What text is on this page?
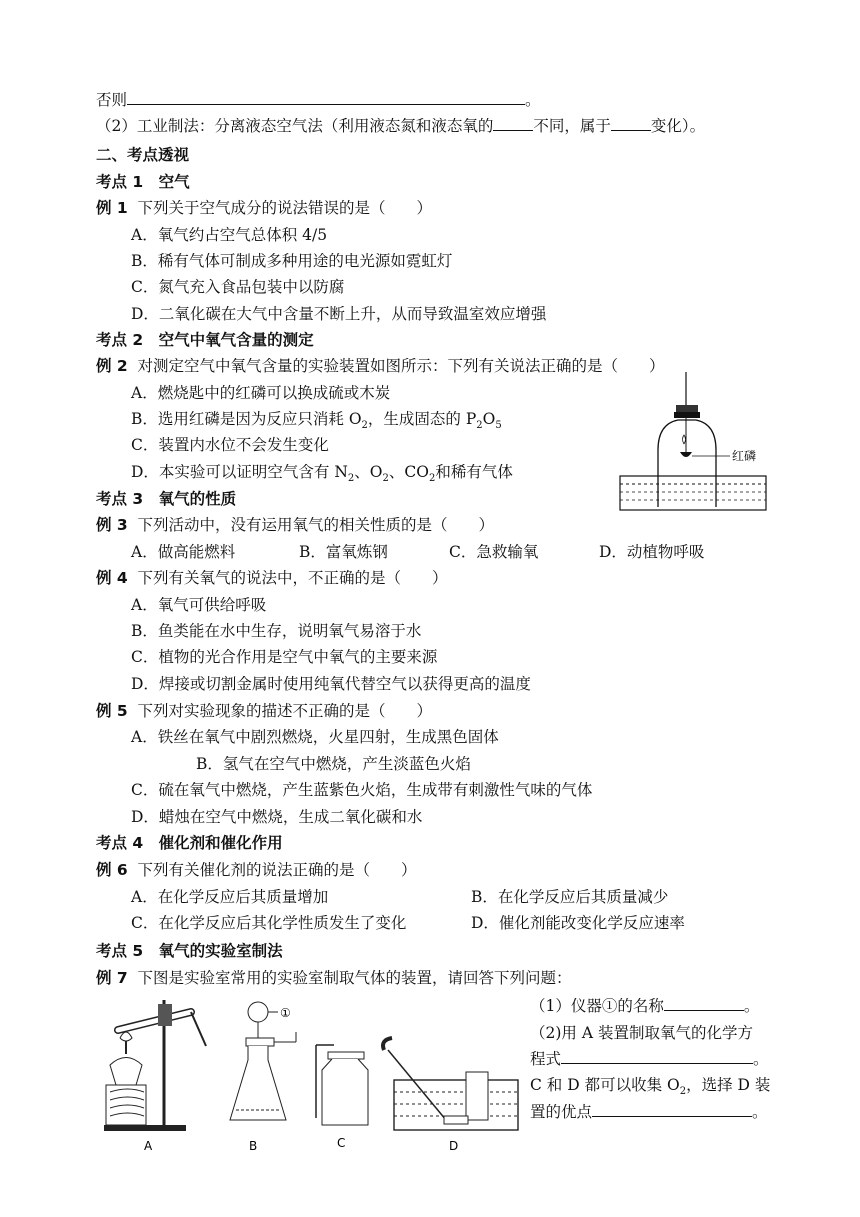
否则	。
（2）工业制法：分离液态空气法（利用液态氮和液态氧的	不同，属于	变化）。
二、考点透视
考点 1　空气
例 1 下列关于空气成分的说法错误的是（　　）
A．氧气约占空气总体积 4/5
B．稀有气体可制成多种用途的电光源如霓虹灯
C．氮气充入食品包装中以防腐
D．二氧化碳在大气中含量不断上升，从而导致温室效应增强
考点 2　空气中氧气含量的测定
例 2 对测定空气中氧气含量的实验装置如图所示：下列有关说法正确的是（　　）
A．燃烧匙中的红磷可以换成硫或木炭
B．选用红磷是因为反应只消耗 $O_2$，生成固态的 $P_2O_5$
C．装置内水位不会发生变化
D．本实验可以证明空气含有 $N_2$、$O_2$、$CO_2$和稀有气体
红磷
考点 3　氧气的性质
例 3 下列活动中，没有运用氧气的相关性质的是（　　）
A．做高能燃料	B．富氧炼钢	C．急救输氧	D．动植物呼吸
例 4 下列有关氧气的说法中，不正确的是（　　）
A．氧气可供给呼吸
B．鱼类能在水中生存，说明氧气易溶于水
C．植物的光合作用是空气中氧气的主要来源
D．焊接或切割金属时使用纯氧代替空气以获得更高的温度
例 5 下列对实验现象的描述不正确的是（　　）
A．铁丝在氧气中剧烈燃烧，火星四射，生成黑色固体
B．氢气在空气中燃烧，产生淡蓝色火焰
C．硫在氧气中燃烧，产生蓝紫色火焰，生成带有刺激性气味的气体
D．蜡烛在空气中燃烧，生成二氧化碳和水
考点 4　催化剂和催化作用
例 6 下列有关催化剂的说法正确的是（　　）
A．在化学反应后其质量增加	B．在化学反应后其质量减少
C．在化学反应后其化学性质发生了变化	D．催化剂能改变化学反应速率
考点 5　氧气的实验室制法
例 7 下图是实验室常用的实验室制取气体的装置，请回答下列问题：
（1）仪器①的名称	。
（2)用 A 装置制取氧气的化学方
程式	。
C 和 D 都可以收集 $O_2$，选择 D 装
置的优点	。
A
①
B	C	D
